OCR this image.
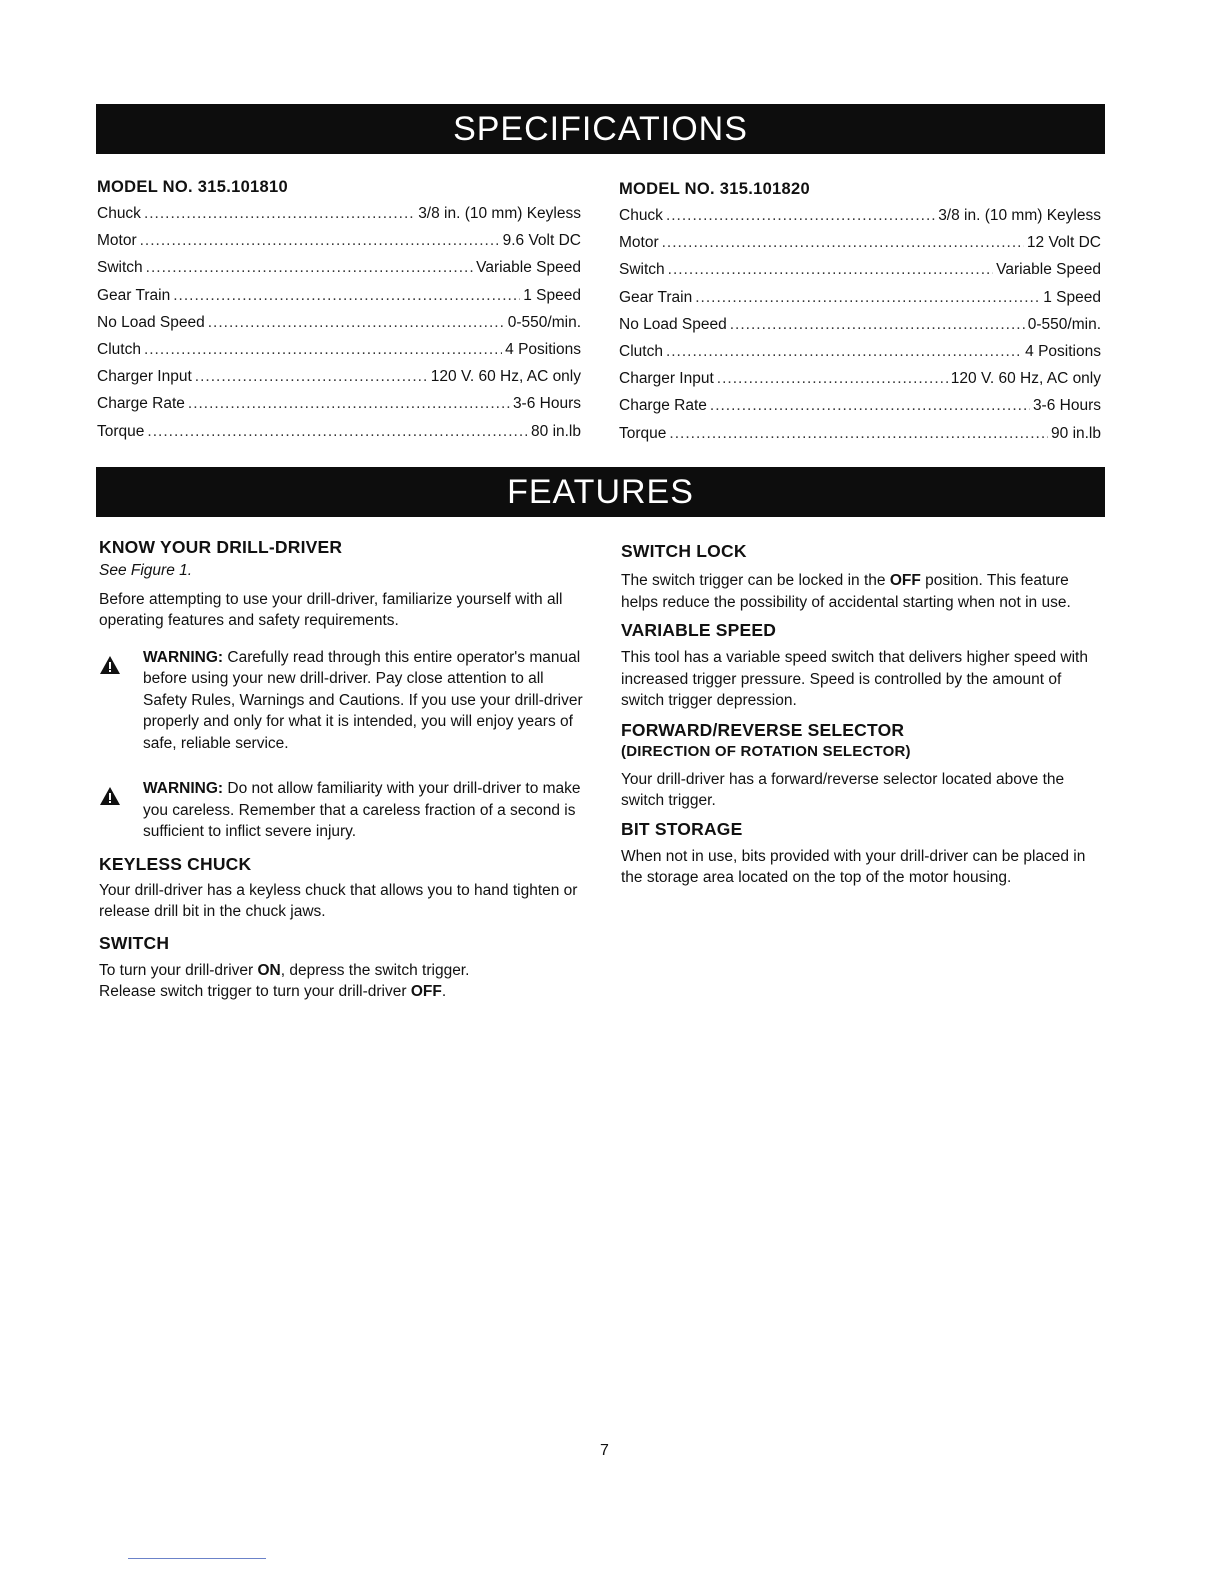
SPECIFICATIONS
MODEL NO. 315.101810
Chuck .....	3/8 in. (10 mm) Keyless
Motor .....	9.6 Volt DC
Switch .....	Variable Speed
Gear Train .....	1 Speed
No Load Speed .....	0-550/min.
Clutch .....	4 Positions
Charger Input .....	120 V. 60 Hz, AC only
Charge Rate .....	3-6 Hours
Torque .....	80 in.lb
MODEL NO. 315.101820
Chuck .....	3/8 in. (10 mm) Keyless
Motor .....	12 Volt DC
Switch .....	Variable Speed
Gear Train .....	1 Speed
No Load Speed .....	0-550/min.
Clutch .....	4 Positions
Charger Input .....	120 V. 60 Hz, AC only
Charge Rate .....	3-6 Hours
Torque .....	90 in.lb
FEATURES
KNOW YOUR DRILL-DRIVER

See Figure 1.

Before attempting to use your drill-driver, familiarize yourself with all operating features and safety requirements.

WARNING: Carefully read through this entire operator's manual before using your new drill-driver. Pay close attention to all Safety Rules, Warnings and Cautions. If you use your drill-driver properly and only for what it is intended, you will enjoy years of safe, reliable service.

WARNING: Do not allow familiarity with your drill-driver to make you careless. Remember that a careless fraction of a second is sufficient to inflict severe injury.

KEYLESS CHUCK

Your drill-driver has a keyless chuck that allows you to hand tighten or release drill bit in the chuck jaws.

SWITCH

To turn your drill-driver ON, depress the switch trigger.

Release switch trigger to turn your drill-driver OFF.

SWITCH LOCK

The switch trigger can be locked in the OFF position. This feature helps reduce the possibility of accidental starting when not in use.

VARIABLE SPEED

This tool has a variable speed switch that delivers higher speed with increased trigger pressure. Speed is controlled by the amount of switch trigger depression.

FORWARD/REVERSE SELECTOR
(DIRECTION OF ROTATION SELECTOR)

Your drill-driver has a forward/reverse selector located above the switch trigger.

BIT STORAGE

When not in use, bits provided with your drill-driver can be placed in the storage area located on the top of the motor housing.

7
